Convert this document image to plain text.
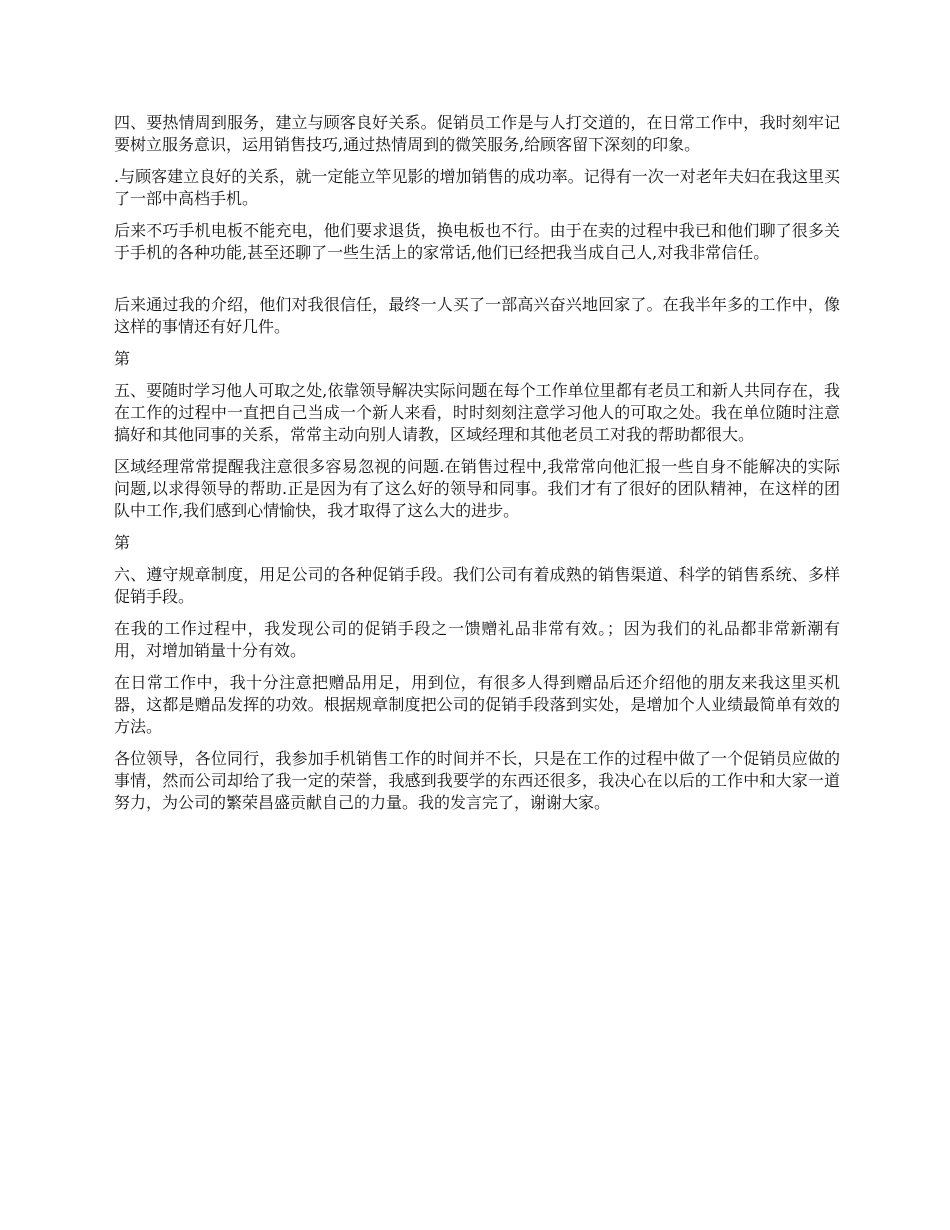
四、要热情周到服务，建立与顾客良好关系。促销员工作是与人打交道的，在日常工作中，我时刻牢记要树立服务意识，运用销售技巧,通过热情周到的微笑服务,给顾客留下深刻的印象。

.与顾客建立良好的关系，就一定能立竿见影的增加销售的成功率。记得有一次一对老年夫妇在我这里买了一部中高档手机。

后来不巧手机电板不能充电，他们要求退货，换电板也不行。由于在卖的过程中我已和他们聊了很多关于手机的各种功能,甚至还聊了一些生活上的家常话,他们已经把我当成自己人,对我非常信任。

后来通过我的介绍，他们对我很信任，最终一人买了一部高兴奋兴地回家了。在我半年多的工作中，像这样的事情还有好几件。

第

五、要随时学习他人可取之处,依靠领导解决实际问题在每个工作单位里都有老员工和新人共同存在，我在工作的过程中一直把自己当成一个新人来看，时时刻刻注意学习他人的可取之处。我在单位随时注意搞好和其他同事的关系，常常主动向别人请教，区域经理和其他老员工对我的帮助都很大。

区域经理常常提醒我注意很多容易忽视的问题.在销售过程中,我常常向他汇报一些自身不能解决的实际问题,以求得领导的帮助.正是因为有了这么好的领导和同事。我们才有了很好的团队精神，在这样的团队中工作,我们感到心情愉快，我才取得了这么大的进步。

第

六、遵守规章制度，用足公司的各种促销手段。我们公司有着成熟的销售渠道、科学的销售系统、多样促销手段。

在我的工作过程中，我发现公司的促销手段之一馈赠礼品非常有效。；因为我们的礼品都非常新潮有用，对增加销量十分有效。

在日常工作中，我十分注意把赠品用足，用到位，有很多人得到赠品后还介绍他的朋友来我这里买机器，这都是赠品发挥的功效。根据规章制度把公司的促销手段落到实处，是增加个人业绩最简单有效的方法。

各位领导，各位同行，我参加手机销售工作的时间并不长，只是在工作的过程中做了一个促销员应做的事情，然而公司却给了我一定的荣誉，我感到我要学的东西还很多，我决心在以后的工作中和大家一道努力，为公司的繁荣昌盛贡献自己的力量。我的发言完了，谢谢大家。
